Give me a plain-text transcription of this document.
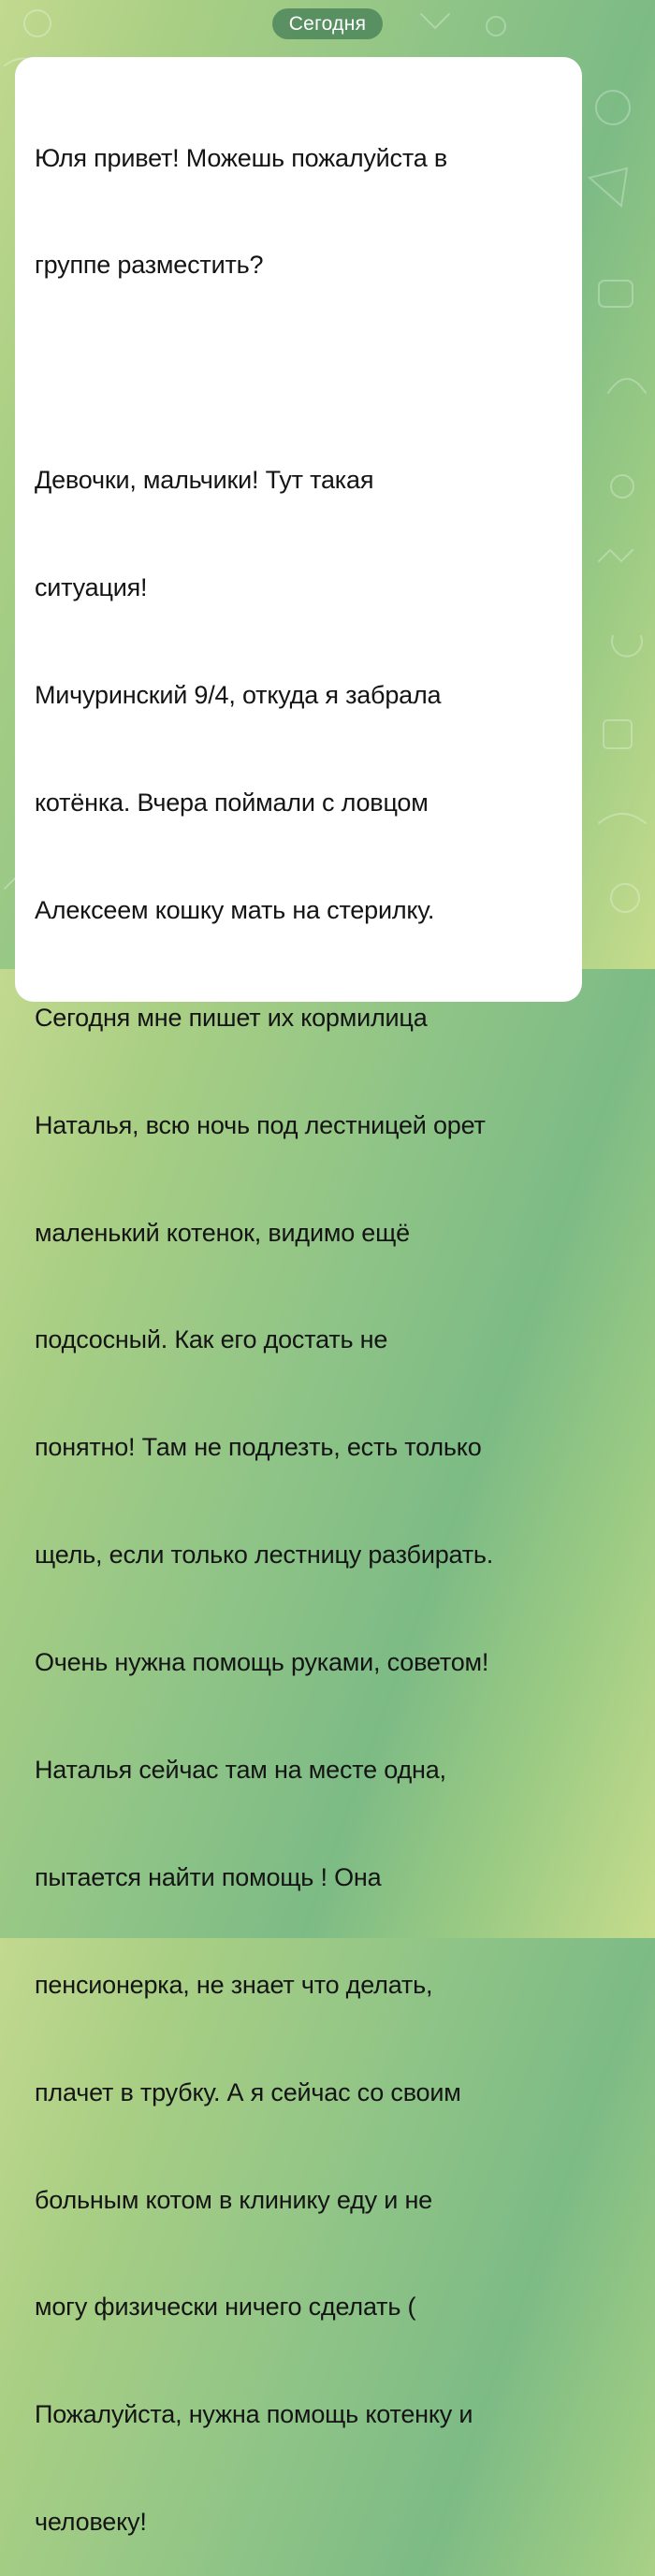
Сегодня

Юля привет! Можешь пожалуйста в

группе разместить?

Девочки, мальчики! Тут такая

ситуация!

Мичуринский 9/4, откуда я забрала

котёнка. Вчера поймали с ловцом

Алексеем кошку мать на стерилку.

Сегодня мне пишет их кормилица

Наталья, всю ночь под лестницей орет

маленький котенок, видимо ещё

подсосный. Как его достать не

понятно! Там не подлезть, есть только

щель, если только лестницу разбирать.

Очень нужна помощь руками, советом!

Наталья сейчас там на месте одна,

пытается найти помощь ! Она

пенсионерка, не знает что делать,

плачет в трубку. А я сейчас со своим

больным котом в клинику еду и не

могу физически ничего сделать (

Пожалуйста, нужна помощь котенку и

человеку!
